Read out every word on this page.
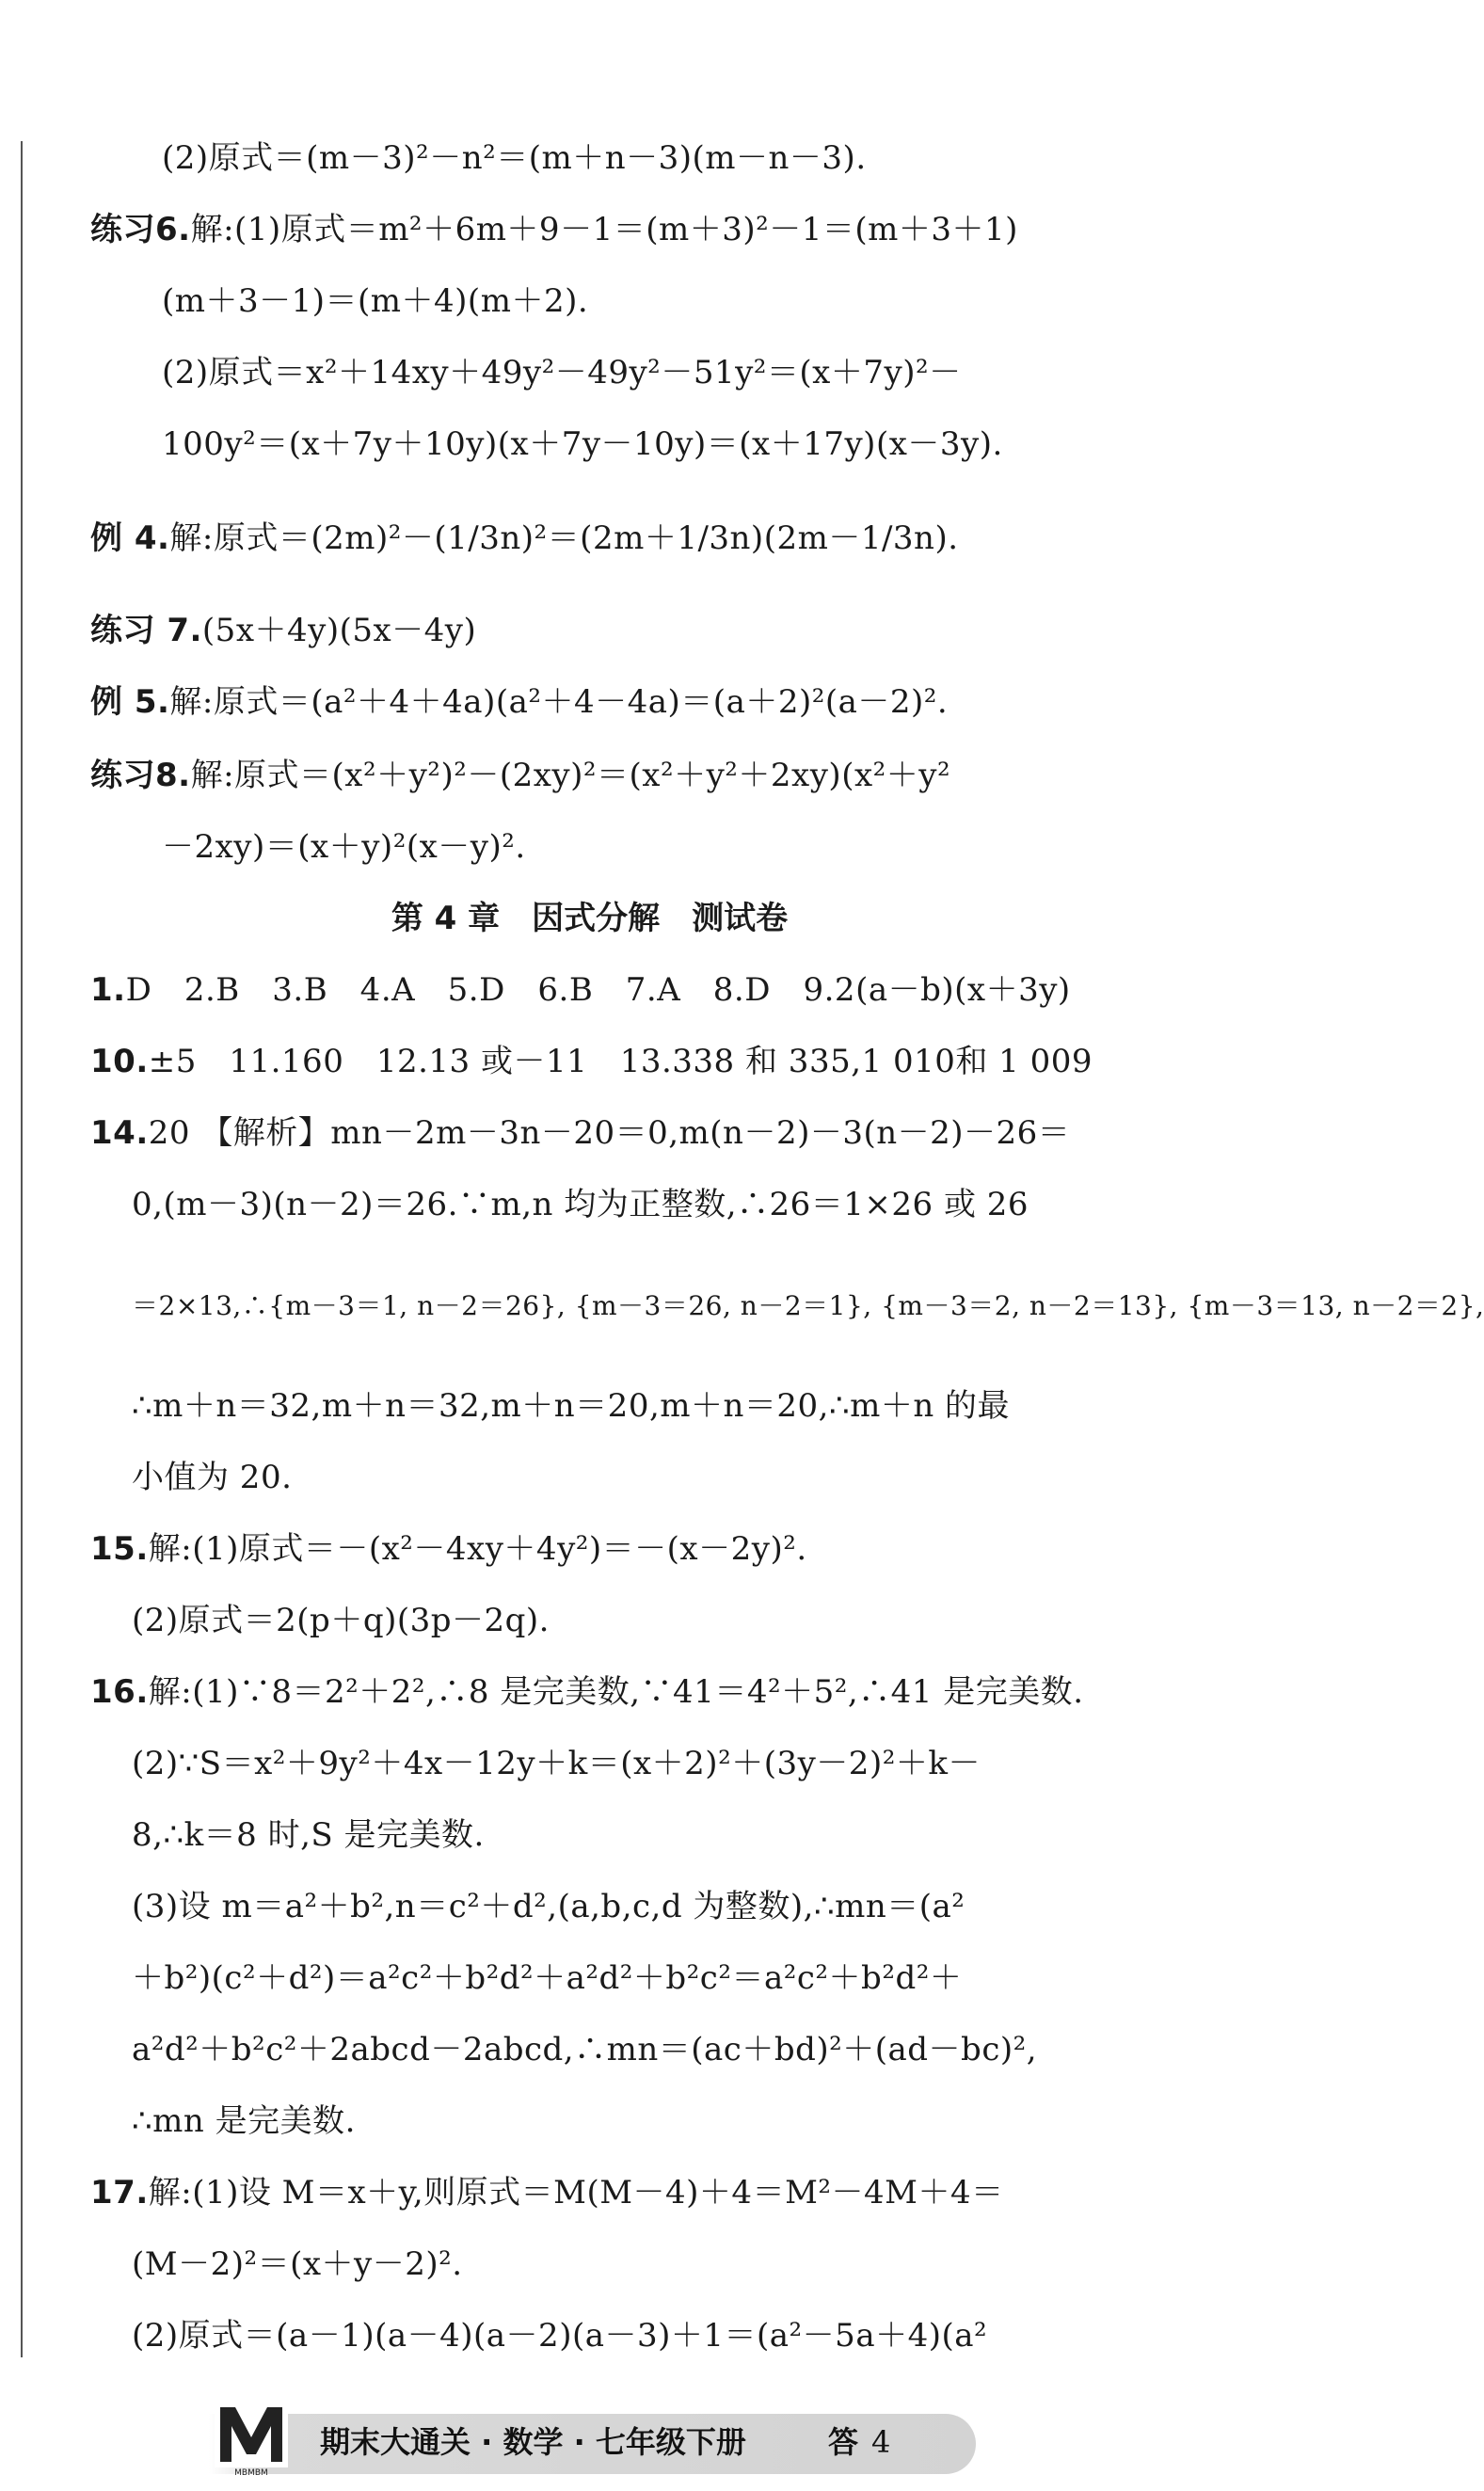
(2)原式＝(m－3)²－n²＝(m＋n－3)(m－n－3).
练习6.解:(1)原式＝m²＋6m＋9－1＝(m＋3)²－1＝(m＋3＋1)
(m＋3－1)＝(m＋4)(m＋2).
(2)原式＝x²＋14xy＋49y²－49y²－51y²＝(x＋7y)²－
100y²＝(x＋7y＋10y)(x＋7y－10y)＝(x＋17y)(x－3y).
例 4.解:原式＝(2m)²－(1/3n)²＝(2m＋1/3n)(2m－1/3n).
练习 7.(5x＋4y)(5x－4y)
例 5.解:原式＝(a²＋4＋4a)(a²＋4－4a)＝(a＋2)²(a－2)².
练习8.解:原式＝(x²＋y²)²－(2xy)²＝(x²＋y²＋2xy)(x²＋y²
－2xy)＝(x＋y)²(x－y)².
第 4 章　因式分解　测试卷
1.D　2.B　3.B　4.A　5.D　6.B　7.A　8.D　9.2(a－b)(x＋3y)
10.±5　11.160　12.13 或－11　13.338 和 335,1 010和 1 009
14.20 【解析】mn－2m－3n－20＝0,m(n－2)－3(n－2)－26＝
0,(m－3)(n－2)＝26.∵m,n 均为正整数,∴26＝1×26 或 26
＝2×13,∴{m－3＝1, n－2＝26}, {m－3＝26, n－2＝1}, {m－3＝2, n－2＝13}, {m－3＝13, n－2＝2},
∴m＋n＝32,m＋n＝32,m＋n＝20,m＋n＝20,∴m＋n 的最
小值为 20.
15.解:(1)原式＝－(x²－4xy＋4y²)＝－(x－2y)².
(2)原式＝2(p＋q)(3p－2q).
16.解:(1)∵8＝2²＋2²,∴8 是完美数,∵41＝4²＋5²,∴41 是完美数.
(2)∵S＝x²＋9y²＋4x－12y＋k＝(x＋2)²＋(3y－2)²＋k－
8,∴k＝8 时,S 是完美数.
(3)设 m＝a²＋b²,n＝c²＋d²,(a,b,c,d 为整数),∴mn＝(a²
＋b²)(c²＋d²)＝a²c²＋b²d²＋a²d²＋b²c²＝a²c²＋b²d²＋
a²d²＋b²c²＋2abcd－2abcd,∴mn＝(ac＋bd)²＋(ad－bc)²,
∴mn 是完美数.
17.解:(1)设 M＝x＋y,则原式＝M(M－4)＋4＝M²－4M＋4＝
(M－2)²＝(x＋y－2)².
(2)原式＝(a－1)(a－4)(a－2)(a－3)＋1＝(a²－5a＋4)(a²
MBMBM
期末大通关 · 数学 · 七年级下册	答 4
